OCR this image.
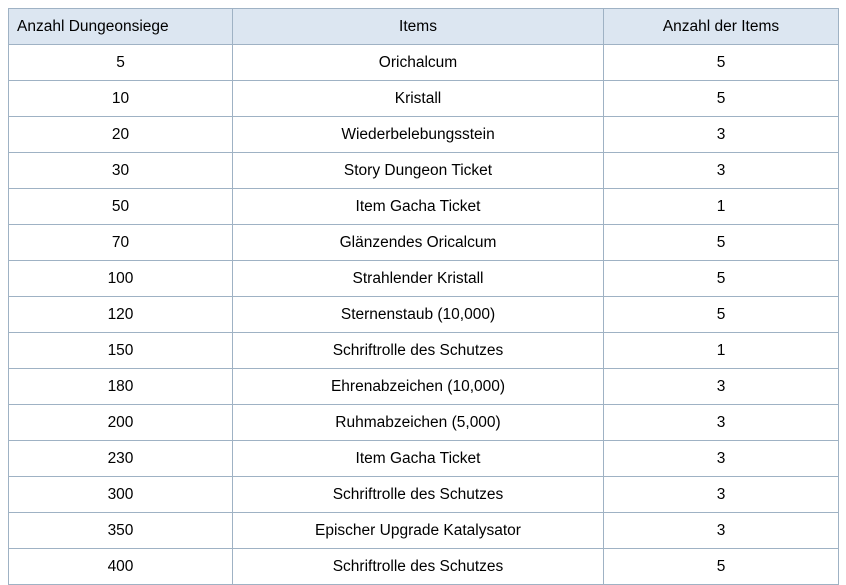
Anzahl Dungeonsiege	Items	Anzahl der Items
5	Orichalcum	5
10	Kristall	5
20	Wiederbelebungsstein	3
30	Story Dungeon Ticket	3
50	Item Gacha Ticket	1
70	Glänzendes Oricalcum	5
100	Strahlender Kristall	5
120	Sternenstaub (10,000)	5
150	Schriftrolle des Schutzes	1
180	Ehrenabzeichen (10,000)	3
200	Ruhmabzeichen (5,000)	3
230	Item Gacha Ticket	3
300	Schriftrolle des Schutzes	3
350	Epischer Upgrade Katalysator	3
400	Schriftrolle des Schutzes	5
